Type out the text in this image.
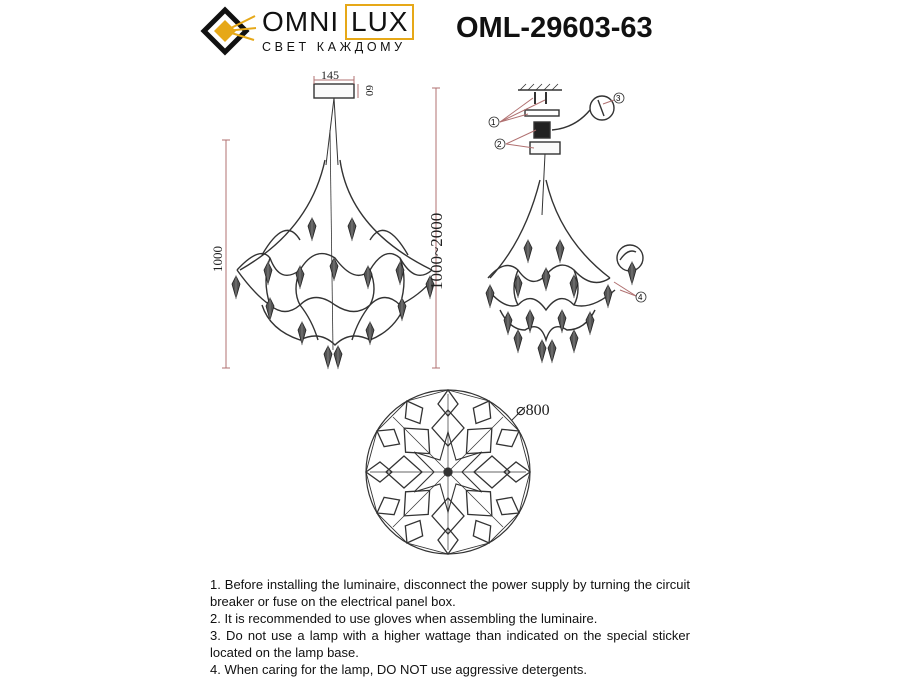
OMNI LUX
СВЕТ КАЖДОМУ
OML-29603-63
145
60
1000	1000~2000
1
2
3
4
⌀800

1. Before installing the luminaire, disconnect the power supply by turning the circuit breaker or fuse on the electrical panel box.

2. It is recommended to use gloves when assembling the luminaire.

3. Do not use a lamp with a higher wattage than indicated on the special sticker located on the lamp base.

4. When caring for the lamp, DO NOT use aggressive detergents.
